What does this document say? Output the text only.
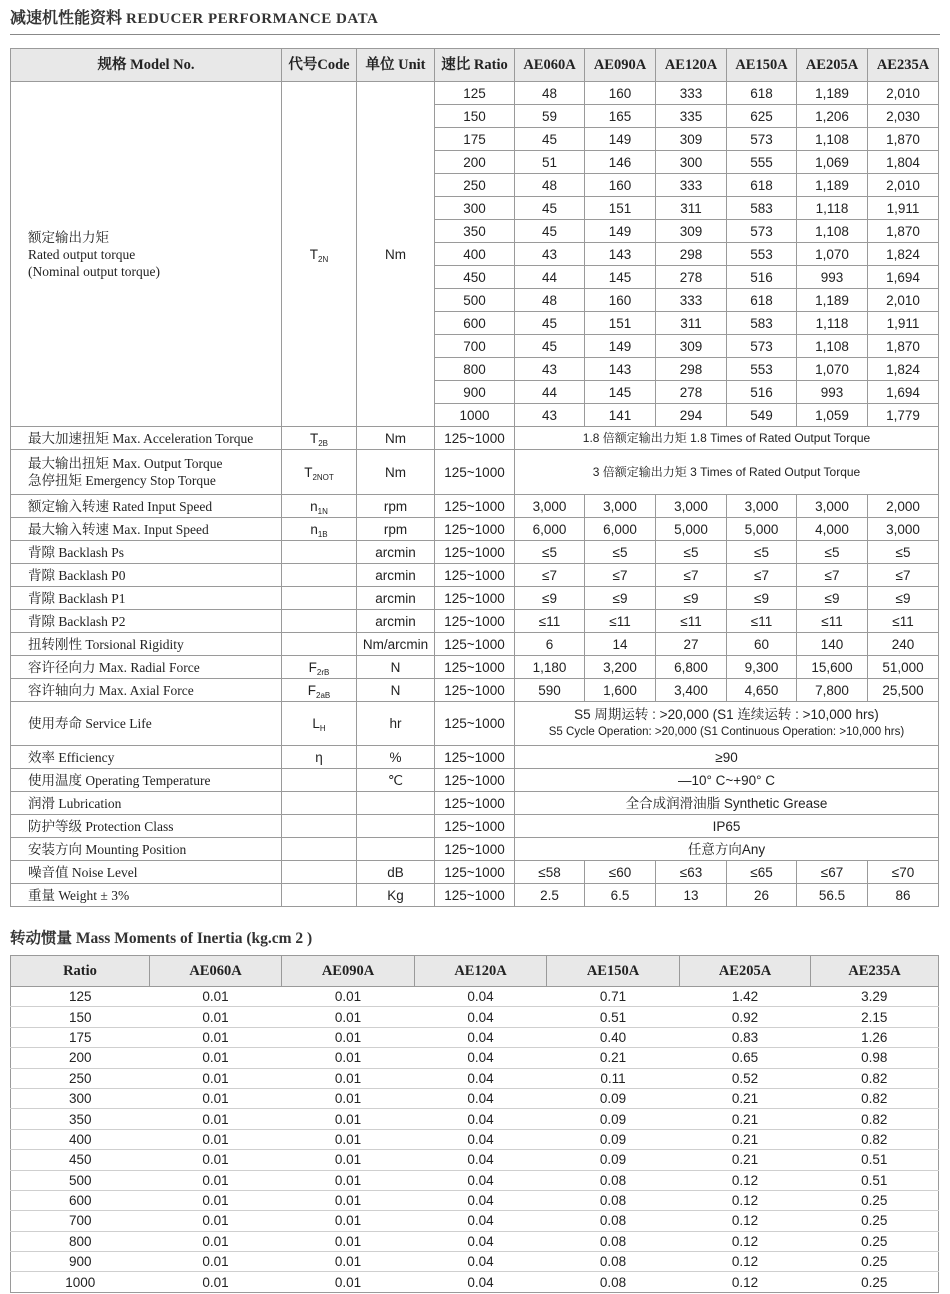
减速机性能资料 REDUCER PERFORMANCE DATA
规格 Model No.	代号Code	单位 Unit	速比 Ratio	AE060A	AE090A	AE120A	AE150A	AE205A	AE235A
额定输出力矩
Rated output torque
(Nominal output torque)	$T_{2N}$	Nm	125	48	160	333	618	1,189	2,010
			150	59	165	335	625	1,206	2,030
			175	45	149	309	573	1,108	1,870
			200	51	146	300	555	1,069	1,804
			250	48	160	333	618	1,189	2,010
			300	45	151	311	583	1,118	1,911
			350	45	149	309	573	1,108	1,870
			400	43	143	298	553	1,070	1,824
			450	44	145	278	516	993	1,694
			500	48	160	333	618	1,189	2,010
			600	45	151	311	583	1,118	1,911
			700	45	149	309	573	1,108	1,870
			800	43	143	298	553	1,070	1,824
			900	44	145	278	516	993	1,694
			1000	43	141	294	549	1,059	1,779
最大加速扭矩 Max. Acceleration Torque	$T_{2B}$	Nm	125~1000	1.8 倍额定输出力矩 1.8 Times of Rated Output Torque					
最大输出扭矩 Max. Output Torque
急停扭矩 Emergency Stop Torque	$T_{2NOT}$	Nm	125~1000	3 倍额定输出力矩 3 Times of Rated Output Torque					
额定输入转速 Rated Input Speed	$n_{1N}$	rpm	125~1000	3,000	3,000	3,000	3,000	3,000	2,000
最大输入转速 Max. Input Speed	$n_{1B}$	rpm	125~1000	6,000	6,000	5,000	5,000	4,000	3,000
背隙 Backlash Ps		arcmin	125~1000	≤5	≤5	≤5	≤5	≤5	≤5
背隙 Backlash P0		arcmin	125~1000	≤7	≤7	≤7	≤7	≤7	≤7
背隙 Backlash P1		arcmin	125~1000	≤9	≤9	≤9	≤9	≤9	≤9
背隙 Backlash P2		arcmin	125~1000	≤11	≤11	≤11	≤11	≤11	≤11
扭转刚性 Torsional Rigidity		Nm/arcmin	125~1000	6	14	27	60	140	240
容许径向力 Max. Radial Force	$F_{2rB}$	N	125~1000	1,180	3,200	6,800	9,300	15,600	51,000
容许轴向力 Max. Axial Force	$F_{2aB}$	N	125~1000	590	1,600	3,400	4,650	7,800	25,500
使用寿命 Service Life	$L_H$	hr	125~1000	S5 周期运转 : >20,000 (S1 连续运转 : >10,000 hrs)
S5 Cycle Operation: >20,000 (S1 Continuous Operation: >10,000 hrs)					
效率 Efficiency	η	%	125~1000	≥90					
使用温度 Operating Temperature		℃	125~1000	—10° C~+90° C					
润滑 Lubrication			125~1000	全合成润滑油脂 Synthetic Grease					
防护等级 Protection Class			125~1000	IP65					
安装方向 Mounting Position			125~1000	任意方向Any					
噪音值 Noise Level		dB	125~1000	≤58	≤60	≤63	≤65	≤67	≤70
重量 Weight ± 3%		Kg	125~1000	2.5	6.5	13	26	56.5	86
转动惯量 Mass Moments of Inertia (kg.cm 2 )
Ratio	AE060A	AE090A	AE120A	AE150A	AE205A	AE235A
125	0.01	0.01	0.04	0.71	1.42	3.29
150	0.01	0.01	0.04	0.51	0.92	2.15
175	0.01	0.01	0.04	0.40	0.83	1.26
200	0.01	0.01	0.04	0.21	0.65	0.98
250	0.01	0.01	0.04	0.11	0.52	0.82
300	0.01	0.01	0.04	0.09	0.21	0.82
350	0.01	0.01	0.04	0.09	0.21	0.82
400	0.01	0.01	0.04	0.09	0.21	0.82
450	0.01	0.01	0.04	0.09	0.21	0.51
500	0.01	0.01	0.04	0.08	0.12	0.51
600	0.01	0.01	0.04	0.08	0.12	0.25
700	0.01	0.01	0.04	0.08	0.12	0.25
800	0.01	0.01	0.04	0.08	0.12	0.25
900	0.01	0.01	0.04	0.08	0.12	0.25
1000	0.01	0.01	0.04	0.08	0.12	0.25
